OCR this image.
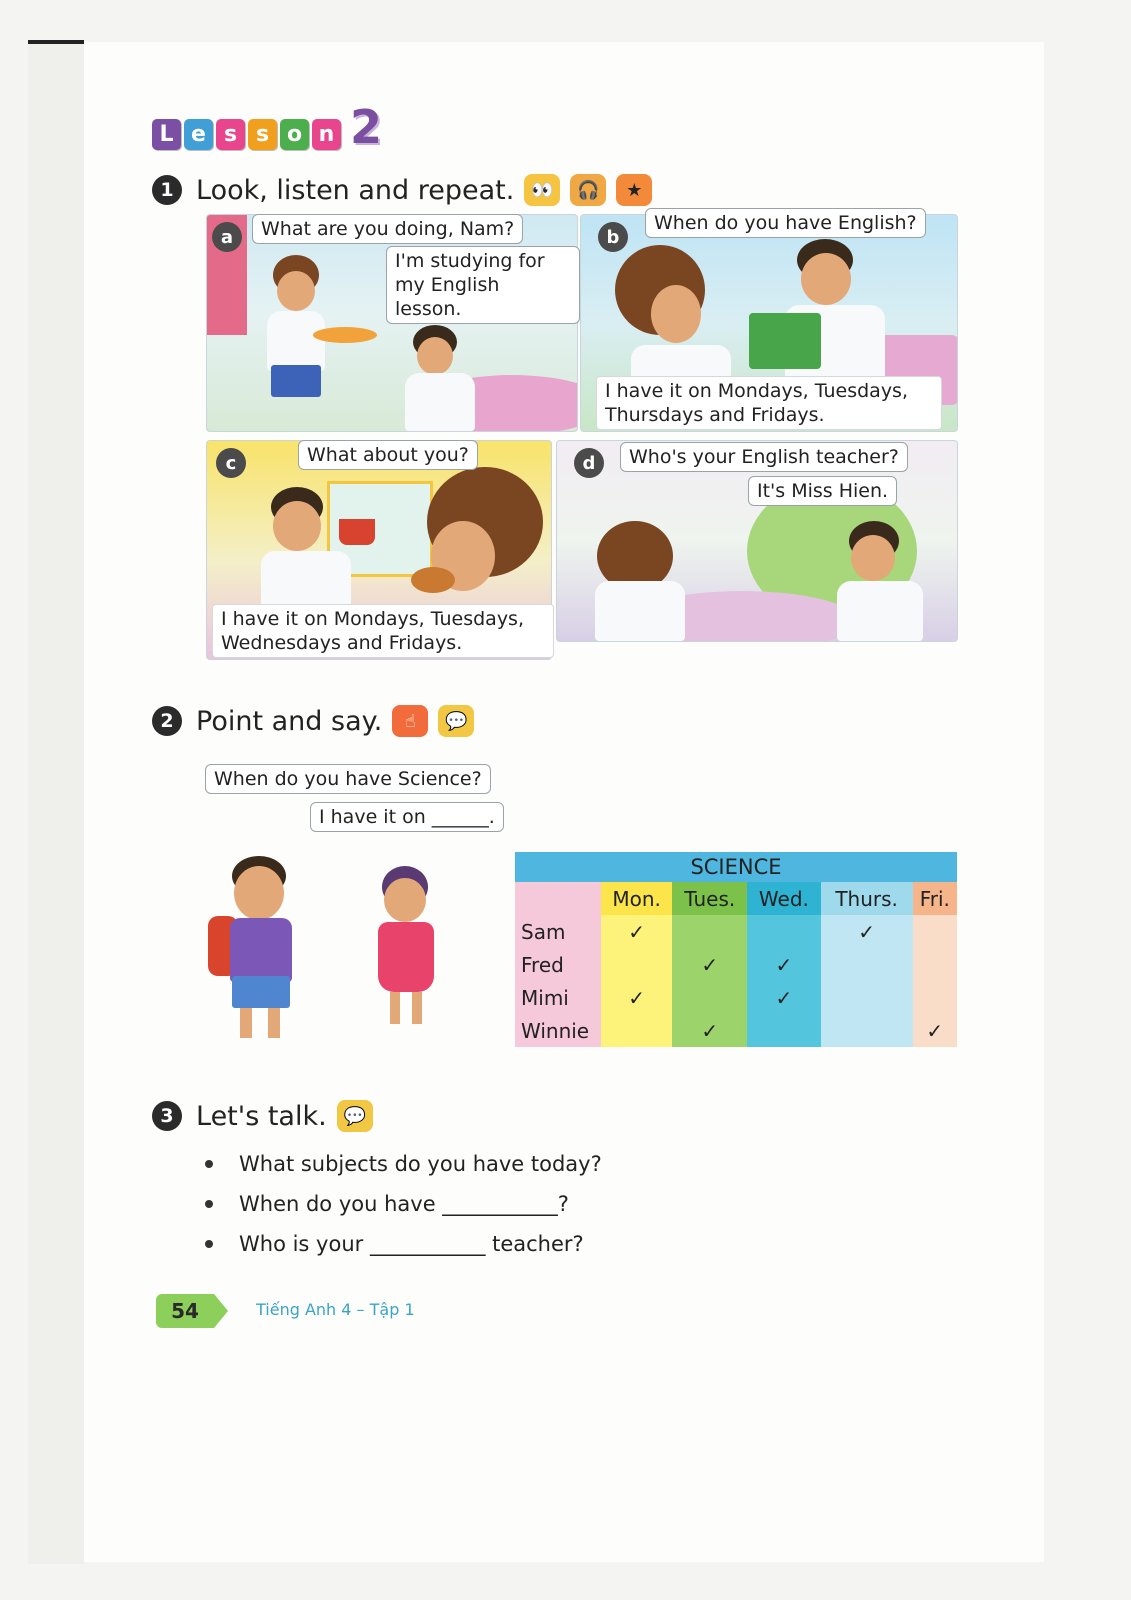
L e s s o n 2
1 Look, listen and repeat. 👀	🎧	★
a	What are you doing, Nam?
I'm studying for
my English lesson.
b
When do you have English?
I have it on Mondays, Tuesdays,
Thursdays and Fridays.
c	What about you?
I have it on Mondays, Tuesdays,
Wednesdays and Fridays.
d	Who's your English teacher?
It's Miss Hien.
2 Point and say.	☝	💬
When do you have Science?
I have it on ______.
SCIENCE					
	Mon.	Tues.	Wed.	Thurs.	Fri.
Sam	✓			✓	
Fred		✓	✓		
Mimi	✓		✓		
Winnie		✓			✓
3 Let's talk. 💬
What subjects do you have today?
When do you have ___________?
Who is your ___________ teacher?
54	Tiếng Anh 4 – Tập 1
